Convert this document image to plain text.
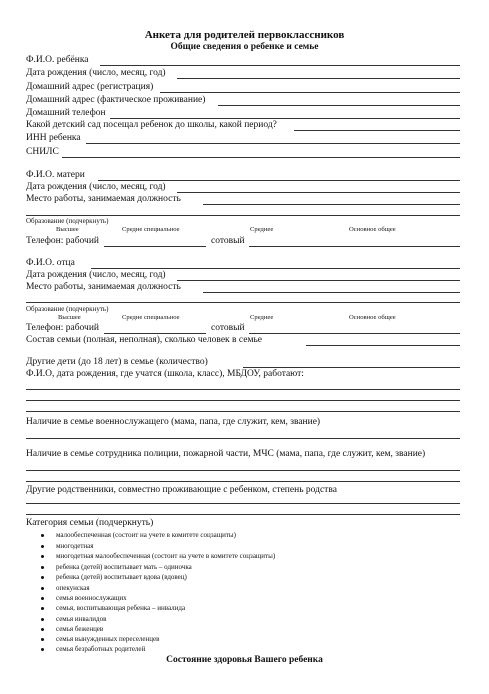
Анкета для родителей первоклассников
Общие сведения о ребенке и семье
Ф.И.О. ребёнка
Дата рождения (число, месяц, год)
Домашний адрес (регистрация)
Домашний адрес (фактическое проживание)
Домашний телефон
Какой детский сад посещал ребенок до школы, какой период?
ИНН ребенка
СНИЛС
Ф.И.О. матери
Дата рождения (число, месяц, год)
Место работы, занимаемая должность
Образование (подчеркнуть)
Высшее	Средне специальное	Среднее	Основное общее
Телефон: рабочий	сотовый
Ф.И.О. отца
Дата рождения (число, месяц, год)
Место работы, занимаемая должность
Образование (подчеркнуть)
Высшее	Средне специальное	Среднее	Основное общее
Телефон: рабочий	сотовый
Состав семьи (полная, неполная), сколько человек в семье
Другие дети (до 18 лет) в семье (количество)
Ф.И.О, дата рождения, где учатся (школа, класс), МБДОУ, работают:
Наличие в семье военнослужащего (мама, папа, где служит, кем, звание)
Наличие в семье сотрудника полиции, пожарной части, МЧС (мама, папа, где служит, кем, звание)
Другие родственники, совместно проживающие с ребенком, степень родства
Категория семьи (подчеркнуть)
малообеспеченная (состоит на учете в комитете соцзащиты)
многодетная
многодетная малообеспеченная (состоит на учете в комитете соцзащиты)
ребенка (детей) воспитывает мать – одиночка
ребенка (детей) воспитывает вдова (вдовец)
опекунская
семья военнослужащих
семья, воспитывающая ребенка – инвалида
семья инвалидов
семья беженцев
семья вынужденных переселенцев
семья безработных родителей
Состояние здоровья Вашего ребенка
